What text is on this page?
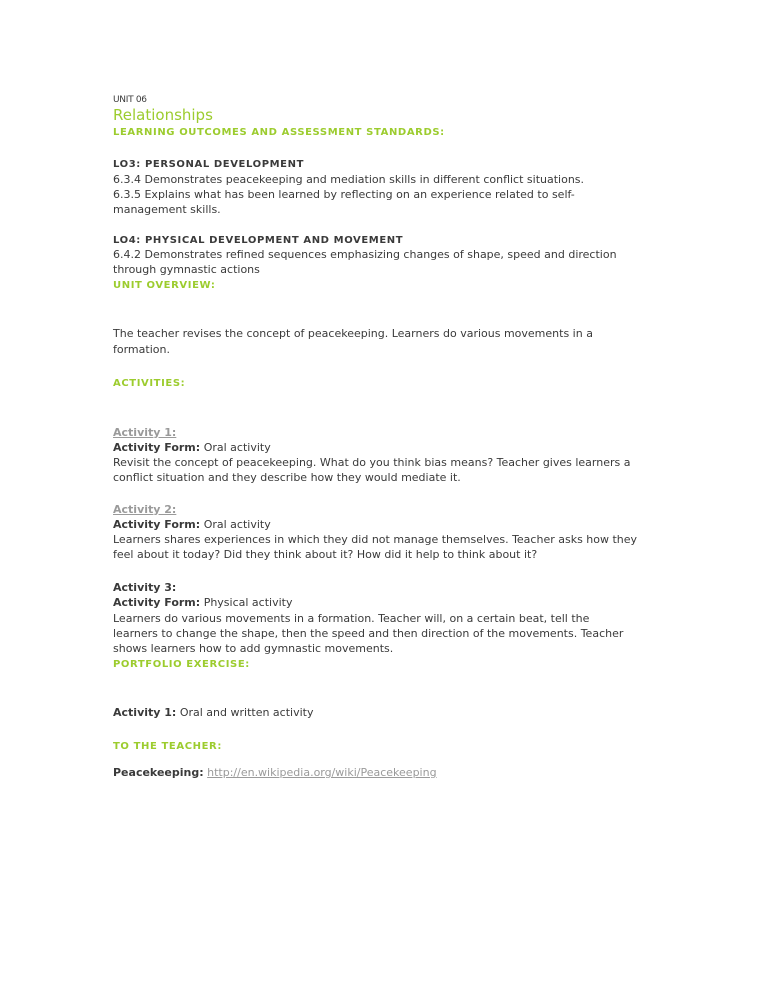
UNIT 06
Relationships
LEARNING OUTCOMES AND ASSESSMENT STANDARDS:
LO3: PERSONAL DEVELOPMENT
6.3.4 Demonstrates peacekeeping and mediation skills in different conflict situations.
6.3.5 Explains what has been learned by reflecting on an experience related to self-
management skills.
LO4: PHYSICAL DEVELOPMENT AND MOVEMENT
6.4.2 Demonstrates refined sequences emphasizing changes of shape, speed and direction
through gymnastic actions
UNIT OVERVIEW:
The teacher revises the concept of peacekeeping. Learners do various movements in a
formation.
ACTIVITIES:
Activity 1:
Activity Form: Oral activity
Revisit the concept of peacekeeping. What do you think bias means? Teacher gives learners a
conflict situation and they describe how they would mediate it.
Activity 2:
Activity Form: Oral activity
Learners shares experiences in which they did not manage themselves. Teacher asks how they
feel about it today? Did they think about it? How did it help to think about it?
Activity 3:
Activity Form: Physical activity
Learners do various movements in a formation. Teacher will, on a certain beat, tell the
learners to change the shape, then the speed and then direction of the movements. Teacher
shows learners how to add gymnastic movements.
PORTFOLIO EXERCISE:
Activity 1: Oral and written activity
TO THE TEACHER:
Peacekeeping: http://en.wikipedia.org/wiki/Peacekeeping
